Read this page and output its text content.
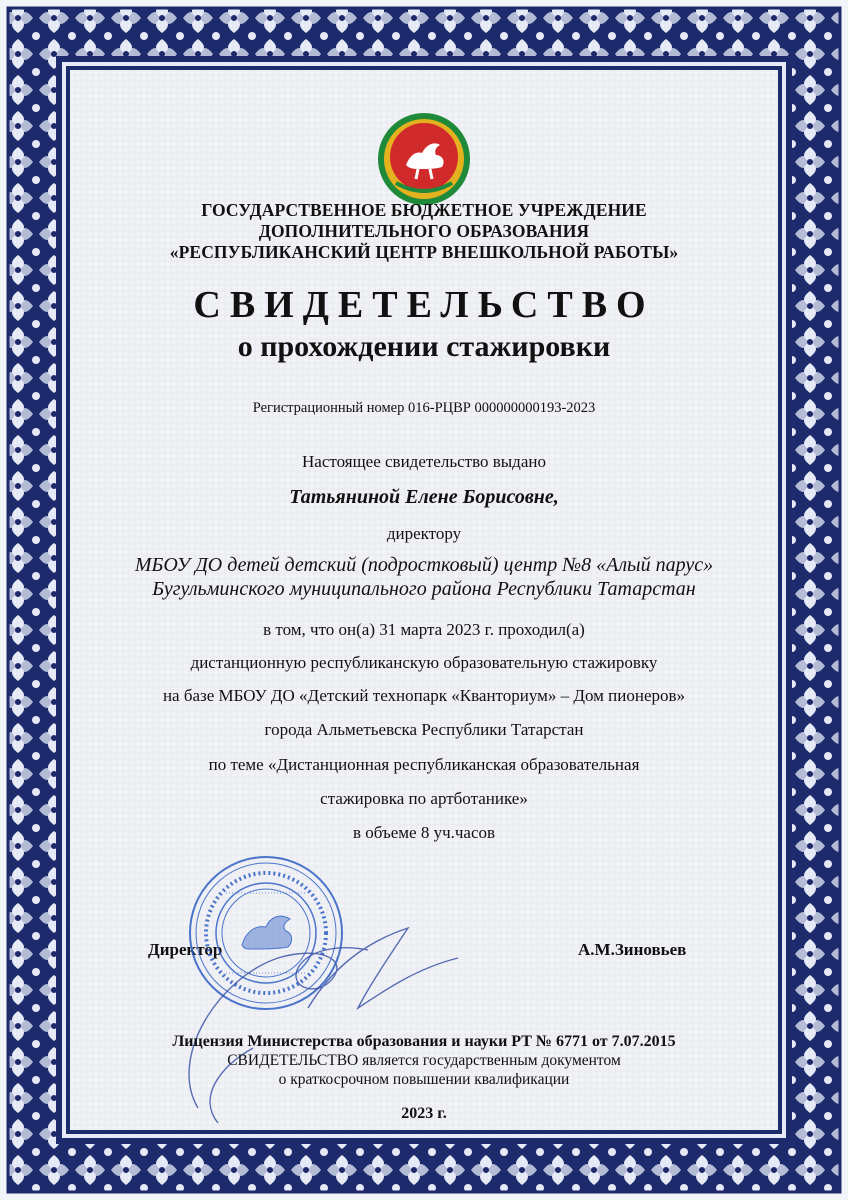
ГОСУДАРСТВЕННОЕ БЮДЖЕТНОЕ УЧРЕЖДЕНИЕ
ДОПОЛНИТЕЛЬНОГО ОБРАЗОВАНИЯ
«РЕСПУБЛИКАНСКИЙ ЦЕНТР ВНЕШКОЛЬНОЙ РАБОТЫ»
СВИДЕТЕЛЬСТВО
о прохождении стажировки
Регистрационный номер 016-РЦВР 000000000193-2023
Настоящее свидетельство выдано
Татьяниной Елене Борисовне,
директору
МБОУ ДО детей детский (подростковый) центр №8 «Алый парус»
Бугульминского муниципального района Республики Татарстан
в том, что он(а) 31 марта 2023 г. проходил(а)
дистанционную республиканскую образовательную стажировку
на базе МБОУ ДО «Детский технопарк «Кванториум» – Дом пионеров»
города Альметьевска Республики Татарстан
по теме «Дистанционная республиканская образовательная
стажировка по артботанике»
в объеме 8 уч.часов
Директор	А.М.Зиновьев
Лицензия Министерства образования и науки РТ № 6771 от 7.07.2015
СВИДЕТЕЛЬСТВО является государственным документом
о краткосрочном повышении квалификации
2023 г.
